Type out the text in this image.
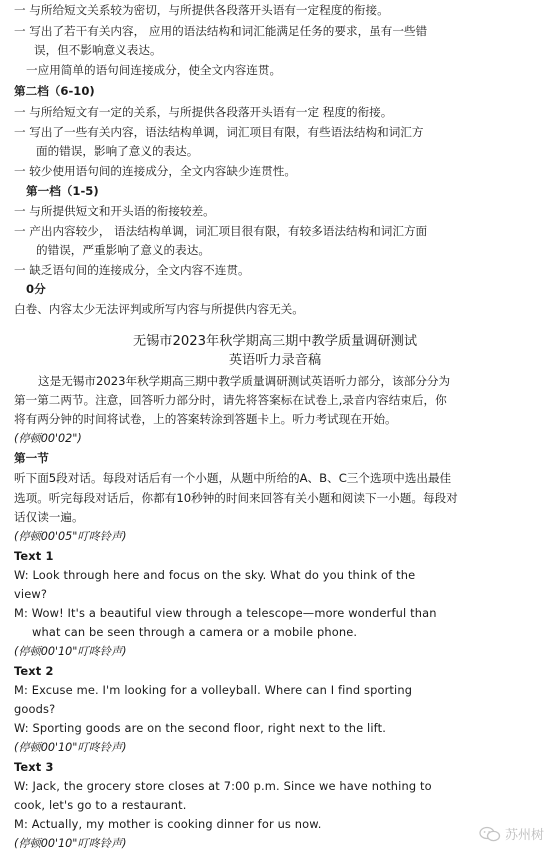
一 与所给短文关系较为密切，与所提供各段落开头语有一定程度的衔接。
一 写出了若干有关内容， 应用的语法结构和词汇能满足任务的要求，虽有一些错
误，但不影响意义表达。
一应用简单的语句间连接成分，使全文内容连贯。
第二档（6-10)
一 与所给短文有一定的关系，与所提供各段落开头语有一定 程度的衔接。
一 写出了一些有关内容，语法结构单调，词汇项目有限，有些语法结构和词汇方
面的错误，影响了意义的表达。
一 较少使用语句间的连接成分，全文内容缺少连贯性。
第一档（1-5)
一 与所提供短文和开头语的衔接较差。
一 产出内容较少， 语法结构单调，词汇项目很有限，有较多语法结构和词汇方面
的错误，严重影响了意义的表达。
一 缺乏语句间的连接成分，全文内容不连贯。
0分
白卷、内容太少无法评判或所写内容与所提供内容无关。
无锡市2023年秋学期高三期中教学质量调研测试
英语听力录音稿
这是无锡市2023年秋学期高三期中教学质量调研测试英语听力部分，该部分分为
第一第二两节。注意，回答听力部分时，请先将答案标在试卷上,录音内容结束后，你
将有两分钟的时间将试卷，上的答案转涂到答题卡上。听力考试现在开始。
(停顿00'02")
第一节
听下面5段对话。每段对话后有一个小题，从题中所给的A、B、C三个选项中选出最佳
选项。听完每段对话后，你都有10秒钟的时间来回答有关小题和阅读下一小题。每段对
话仅读一遍。
(停顿00'05"叮咚铃声)
Text 1
W: Look through here and focus on the sky. What do you think of the
view?
M: Wow! It's a beautiful view through a telescope—more wonderful than
what can be seen through a camera or a mobile phone.
(停顿00'10"叮咚铃声)
Text 2
M: Excuse me. I'm looking for a volleyball. Where can I find sporting
goods?
W: Sporting goods are on the second floor, right next to the lift.
(停顿00'10"叮咚铃声)
Text 3
W: Jack, the grocery store closes at 7:00 p.m. Since we have nothing to
cook, let's go to a restaurant.
M: Actually, my mother is cooking dinner for us now.
(停顿00'10"叮咚铃声)
苏州树
